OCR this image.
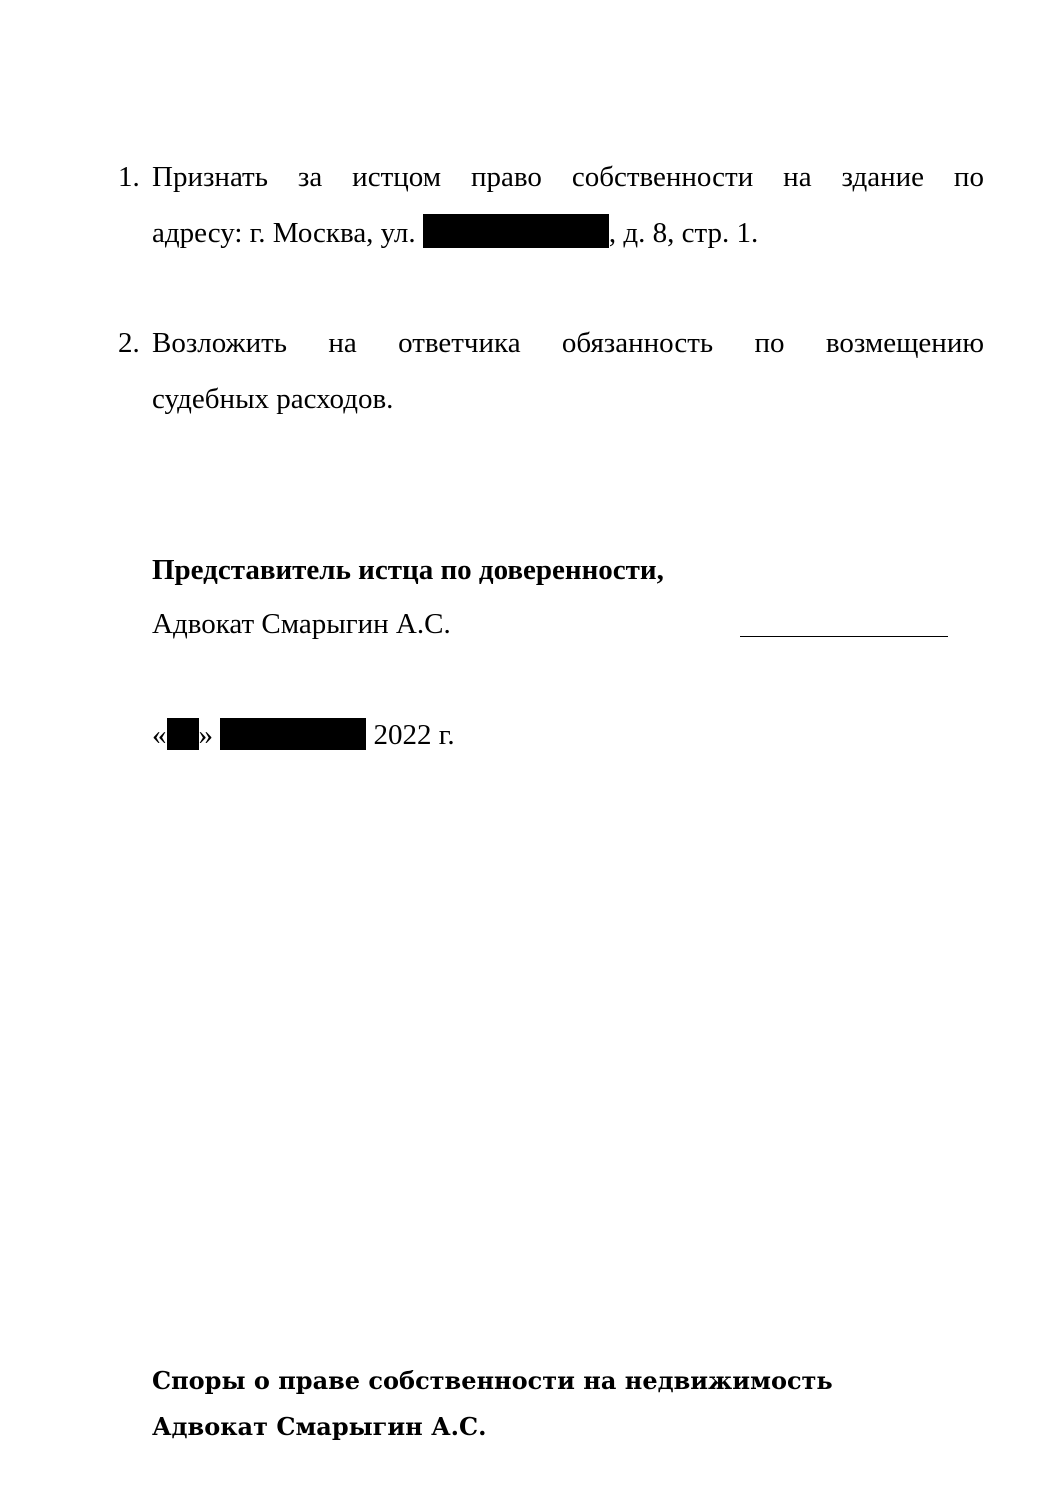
1. Признать за истцом право собственности на здание по
адресу: г. Москва, ул.	, д. 8, стр. 1.
2. Возложить на ответчика обязанность по возмещению
судебных расходов.
Представитель истца по доверенности,
Адвокат Смарыгин А.С.
« »	2022 г.
Споры о праве собственности на недвижимость
Адвокат Смарыгин А.С.
